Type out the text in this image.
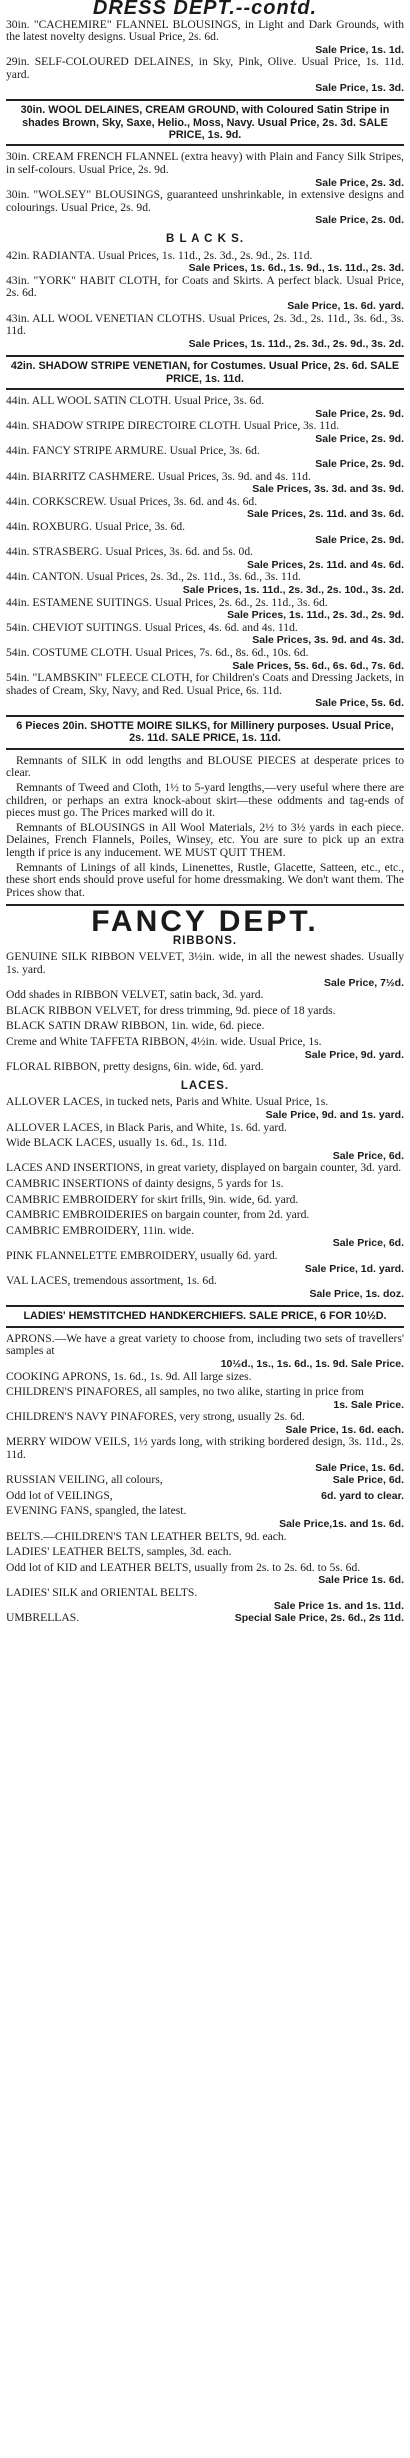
DRESS DEPT.--contd.

30in. "CACHEMIRE" FLANNEL BLOUSINGS, in Light and Dark Grounds, with the latest novelty designs. Usual Price, 2s. 6d.

Sale Price, 1s. 1d.

29in. SELF-COLOURED DELAINES, in Sky, Pink, Olive. Usual Price, 1s. 11d. yard.

Sale Price, 1s. 3d.

30in. WOOL DELAINES, CREAM GROUND, with Coloured Satin Stripe in shades Brown, Sky, Saxe, Helio., Moss, Navy. Usual Price, 2s. 3d. SALE PRICE, 1s. 9d.

30in. CREAM FRENCH FLANNEL (extra heavy) with Plain and Fancy Silk Stripes, in self-colours. Usual Price, 2s. 9d.

Sale Price, 2s. 3d.

30in. "WOLSEY" BLOUSINGS, guaranteed unshrinkable, in extensive designs and colourings. Usual Price, 2s. 9d.

Sale Price, 2s. 0d.

B L A C K S.

42in. RADIANTA. Usual Prices, 1s. 11d., 2s. 3d., 2s. 9d., 2s. 11d.

Sale Prices, 1s. 6d., 1s. 9d., 1s. 11d., 2s. 3d.

43in. "YORK" HABIT CLOTH, for Coats and Skirts. A perfect black. Usual Price, 2s. 6d.

Sale Price, 1s. 6d. yard.

43in. ALL WOOL VENETIAN CLOTHS. Usual Prices, 2s. 3d., 2s. 11d., 3s. 6d., 3s. 11d.

Sale Prices, 1s. 11d., 2s. 3d., 2s. 9d., 3s. 2d.

42in. SHADOW STRIPE VENETIAN, for Costumes. Usual Price, 2s. 6d. SALE PRICE, 1s. 11d.

44in. ALL WOOL SATIN CLOTH. Usual Price, 3s. 6d.

Sale Price, 2s. 9d.

44in. SHADOW STRIPE DIRECTOIRE CLOTH. Usual Price, 3s. 11d.

Sale Price, 2s. 9d.

44in. FANCY STRIPE ARMURE. Usual Price, 3s. 6d.

Sale Price, 2s. 9d.

44in. BIARRITZ CASHMERE. Usual Prices, 3s. 9d. and 4s. 11d.

Sale Prices, 3s. 3d. and 3s. 9d.

44in. CORKSCREW. Usual Prices, 3s. 6d. and 4s. 6d.

Sale Prices, 2s. 11d. and 3s. 6d.

44in. ROXBURG. Usual Price, 3s. 6d.

Sale Price, 2s. 9d.

44in. STRASBERG. Usual Prices, 3s. 6d. and 5s. 0d.

Sale Prices, 2s. 11d. and 4s. 6d.

44in. CANTON. Usual Prices, 2s. 3d., 2s. 11d., 3s. 6d., 3s. 11d.

Sale Prices, 1s. 11d., 2s. 3d., 2s. 10d., 3s. 2d.

44in. ESTAMENE SUITINGS. Usual Prices, 2s. 6d., 2s. 11d., 3s. 6d.

Sale Prices, 1s. 11d., 2s. 3d., 2s. 9d.

54in. CHEVIOT SUITINGS. Usual Prices, 4s. 6d. and 4s. 11d.

Sale Prices, 3s. 9d. and 4s. 3d.

54in. COSTUME CLOTH. Usual Prices, 7s. 6d., 8s. 6d., 10s. 6d.

Sale Prices, 5s. 6d., 6s. 6d., 7s. 6d.

54in. "LAMBSKIN" FLEECE CLOTH, for Children's Coats and Dressing Jackets, in shades of Cream, Sky, Navy, and Red. Usual Price, 6s. 11d.

Sale Price, 5s. 6d.

6 Pieces 20in. SHOTTE MOIRE SILKS, for Millinery purposes. Usual Price, 2s. 11d. SALE PRICE, 1s. 11d.

Remnants of SILK in odd lengths and BLOUSE PIECES at desperate prices to clear.

Remnants of Tweed and Cloth, 1½ to 5-yard lengths,—very useful where there are children, or perhaps an extra knock-about skirt—these oddments and tag-ends of pieces must go. The Prices marked will do it.

Remnants of BLOUSINGS in All Wool Materials, 2½ to 3½ yards in each piece. Delaines, French Flannels, Poiles, Winsey, etc. You are sure to pick up an extra length if price is any inducement. WE MUST QUIT THEM.

Remnants of Linings of all kinds, Linenettes, Rustle, Glacette, Satteen, etc., etc., these short ends should prove useful for home dressmaking. We don't want them. The Prices show that.

FANCY DEPT.
RIBBONS.

GENUINE SILK RIBBON VELVET, 3½in. wide, in all the newest shades. Usually 1s. yard.

Sale Price, 7½d.

Odd shades in RIBBON VELVET, satin back, 3d. yard.

BLACK RIBBON VELVET, for dress trimming, 9d. piece of 18 yards.

BLACK SATIN DRAW RIBBON, 1in. wide, 6d. piece.

Creme and White TAFFETA RIBBON, 4½in. wide. Usual Price, 1s.

Sale Price, 9d. yard.

FLORAL RIBBON, pretty designs, 6in. wide, 6d. yard.

LACES.

ALLOVER LACES, in tucked nets, Paris and White. Usual Price, 1s.

Sale Price, 9d. and 1s. yard.

ALLOVER LACES, in Black Paris, and White, 1s. 6d. yard.

Wide BLACK LACES, usually 1s. 6d., 1s. 11d.

Sale Price, 6d.

LACES AND INSERTIONS, in great variety, displayed on bargain counter, 3d. yard.

CAMBRIC INSERTIONS of dainty designs, 5 yards for 1s.

CAMBRIC EMBROIDERY for skirt frills, 9in. wide, 6d. yard.

CAMBRIC EMBROIDERIES on bargain counter, from 2d. yard.

CAMBRIC EMBROIDERY, 11in. wide.

Sale Price, 6d.

PINK FLANNELETTE EMBROIDERY, usually 6d. yard.

Sale Price, 1d. yard.

VAL LACES, tremendous assortment, 1s. 6d.

Sale Price, 1s. doz.

LADIES' HEMSTITCHED HANDKERCHIEFS. SALE PRICE, 6 FOR 10½D.

APRONS.—We have a great variety to choose from, including two sets of travellers' samples at

10½d., 1s., 1s. 6d., 1s. 9d. Sale Price.

COOKING APRONS, 1s. 6d., 1s. 9d. All large sizes.

CHILDREN'S PINAFORES, all samples, no two alike, starting in price from
1s. Sale Price.

CHILDREN'S NAVY PINAFORES, very strong, usually 2s. 6d.

Sale Price, 1s. 6d. each.

MERRY WIDOW VEILS, 1½ yards long, with striking bordered design, 3s. 11d., 2s. 11d.

Sale Price, 1s. 6d.

RUSSIAN VEILING, all colours,	Sale Price, 6d.

Odd lot of VEILINGS,	6d. yard to clear.

EVENING FANS, spangled, the latest.

Sale Price,1s. and 1s. 6d.

BELTS.—CHILDREN'S TAN LEATHER BELTS, 9d. each.

LADIES' LEATHER BELTS, samples, 3d. each.

Odd lot of KID and LEATHER BELTS, usually from 2s. to 2s. 6d. to 5s. 6d.

Sale Price 1s. 6d.

LADIES' SILK and ORIENTAL BELTS.

Sale Price 1s. and 1s. 11d.

UMBRELLAS.	Special Sale Price, 2s. 6d., 2s 11d.
